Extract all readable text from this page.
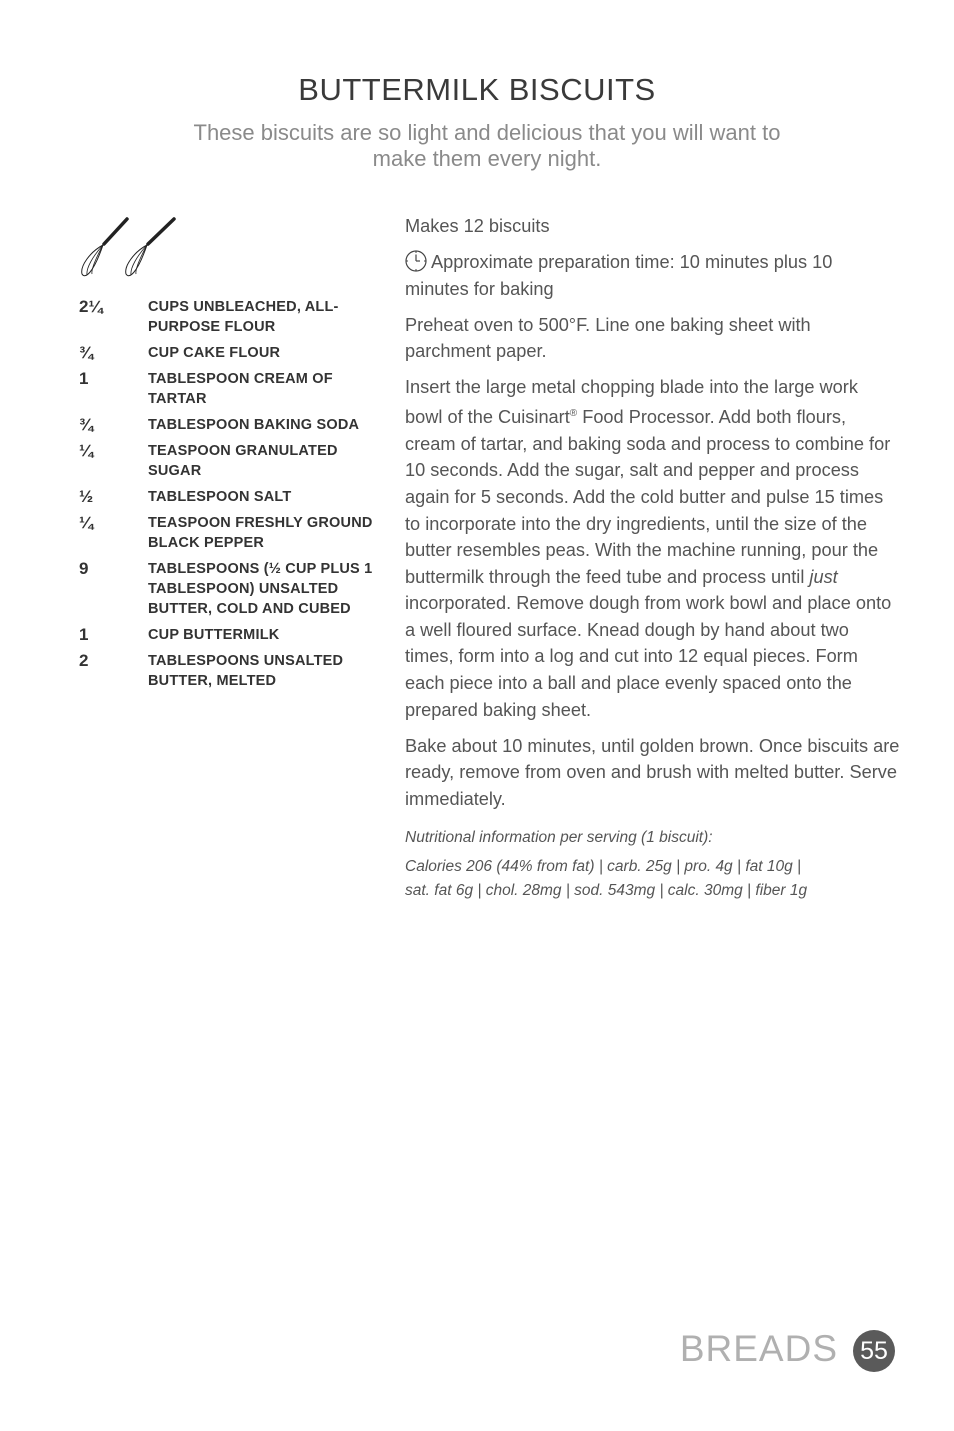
BUTTERMILK BISCUITS
These biscuits are so light and delicious that you will want to make them every night.
2¼	CUPS UNBLEACHED, ALL-PURPOSE FLOUR
¾	CUP CAKE FLOUR
1	TABLESPOON CREAM OF TARTAR
¾	TABLESPOON BAKING SODA
¼	TEASPOON GRANULATED SUGAR
½	TABLESPOON SALT
¼	TEASPOON FRESHLY GROUND BLACK PEPPER
9	TABLESPOONS (½ CUP PLUS 1 TABLESPOON) UNSALTED BUTTER, COLD AND CUBED
1	CUP BUTTERMILK
2	TABLESPOONS UNSALTED BUTTER, MELTED

Makes 12 biscuits

Approximate preparation time: 10 minutes plus 10 minutes for baking

Preheat oven to 500°F. Line one baking sheet with parchment paper.

Insert the large metal chopping blade into the large work bowl of the Cuisinart® Food Processor. Add both flours, cream of tartar, and baking soda and process to combine for 10 seconds. Add the sugar, salt and pepper and process again for 5 seconds. Add the cold butter and pulse 15 times to incorporate into the dry ingredients, until the size of the butter resembles peas. With the machine running, pour the buttermilk through the feed tube and process until just incorporated. Remove dough from work bowl and place onto a well floured surface. Knead dough by hand about two times, form into a log and cut into 12 equal pieces. Form each piece into a ball and place evenly spaced onto the prepared baking sheet.

Bake about 10 minutes, until golden brown. Once biscuits are ready, remove from oven and brush with melted butter. Serve immediately.

Nutritional information per serving (1 biscuit):

Calories 206 (44% from fat) | carb. 25g | pro. 4g | fat 10g |
sat. fat 6g | chol. 28mg | sod. 543mg | calc. 30mg | fiber 1g
BREADS 55
